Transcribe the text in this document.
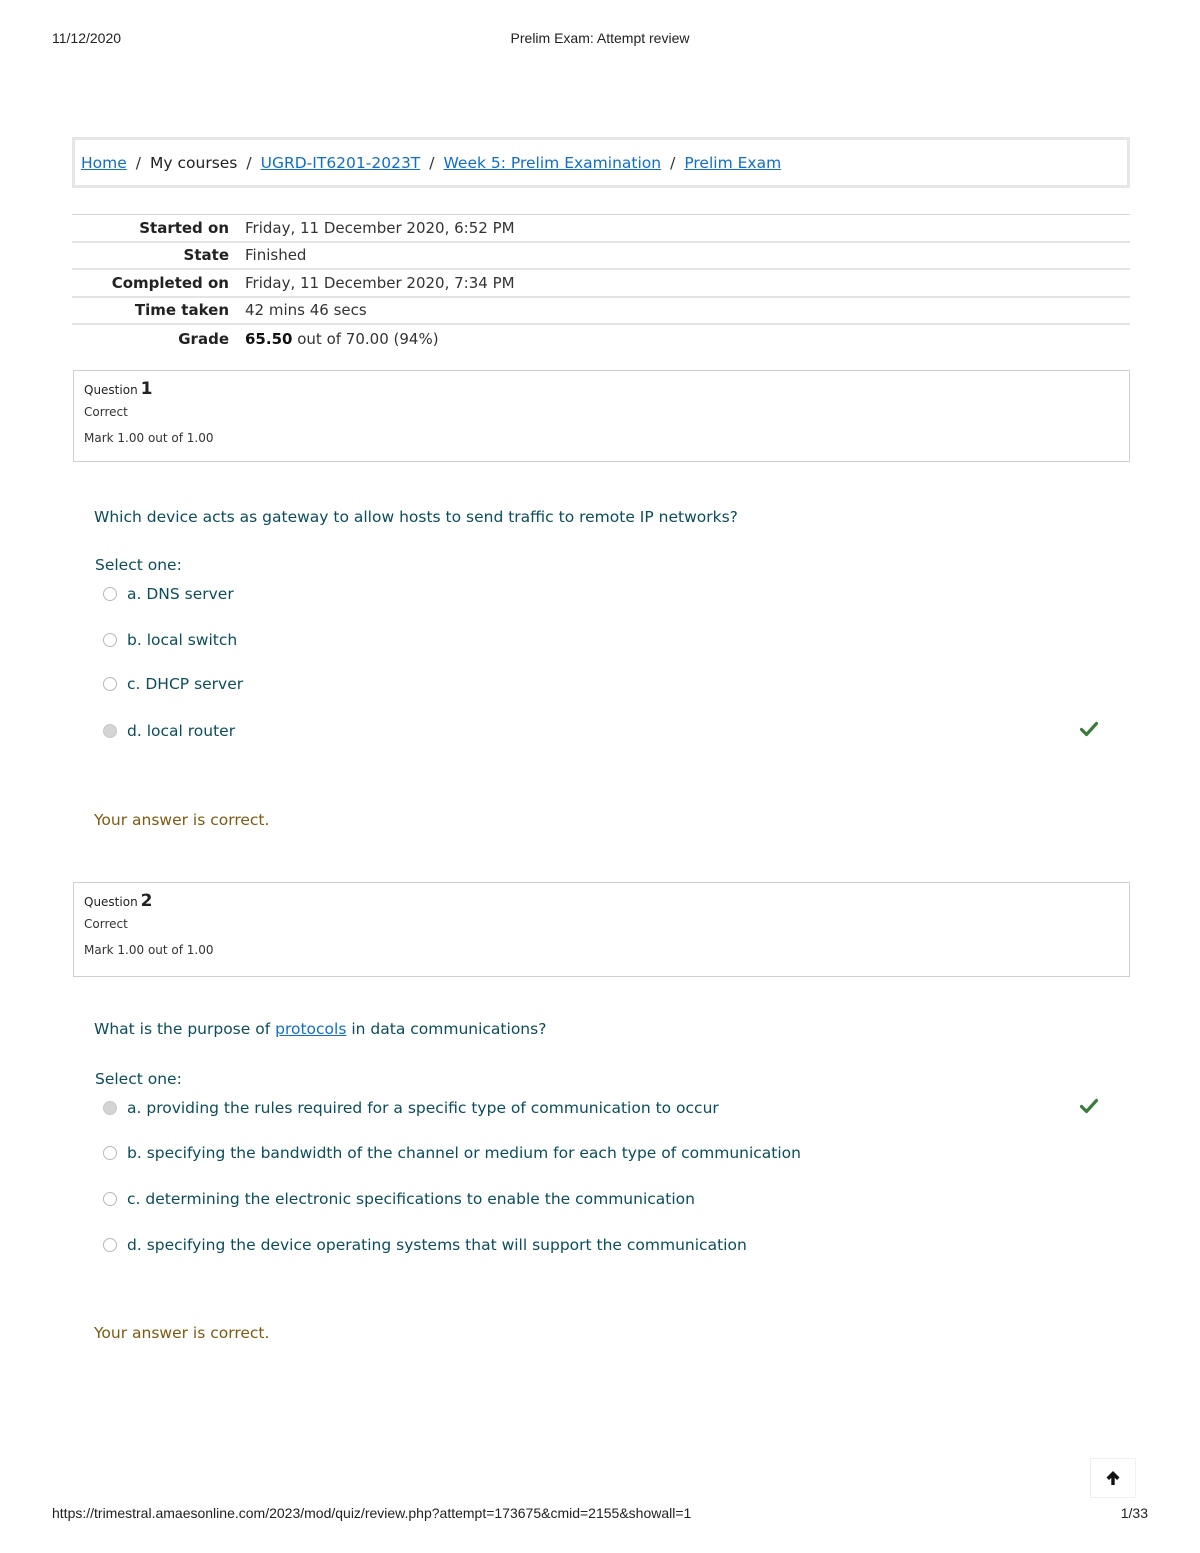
11/12/2020	Prelim Exam: Attempt review
Home / My courses / UGRD-IT6201-2023T / Week 5: Prelim Examination / Prelim Exam
Started on	Friday, 11 December 2020, 6:52 PM
State	Finished
Completed on	Friday, 11 December 2020, 7:34 PM
Time taken	42 mins 46 secs
Grade	65.50 out of 70.00 (94%)
Question 1
Correct
Mark 1.00 out of 1.00
Which device acts as gateway to allow hosts to send traffic to remote IP networks?
Select one:
a. DNS server
b. local switch
c. DHCP server
d. local router
Your answer is correct.
Question 2
Correct
Mark 1.00 out of 1.00
What is the purpose of protocols in data communications?
Select one:
a. providing the rules required for a specific type of communication to occur
b. specifying the bandwidth of the channel or medium for each type of communication
c. determining the electronic specifications to enable the communication
d. specifying the device operating systems that will support the communication
Your answer is correct.
https://trimestral.amaesonline.com/2023/mod/quiz/review.php?attempt=173675&cmid=2155&showall=1	1/33
